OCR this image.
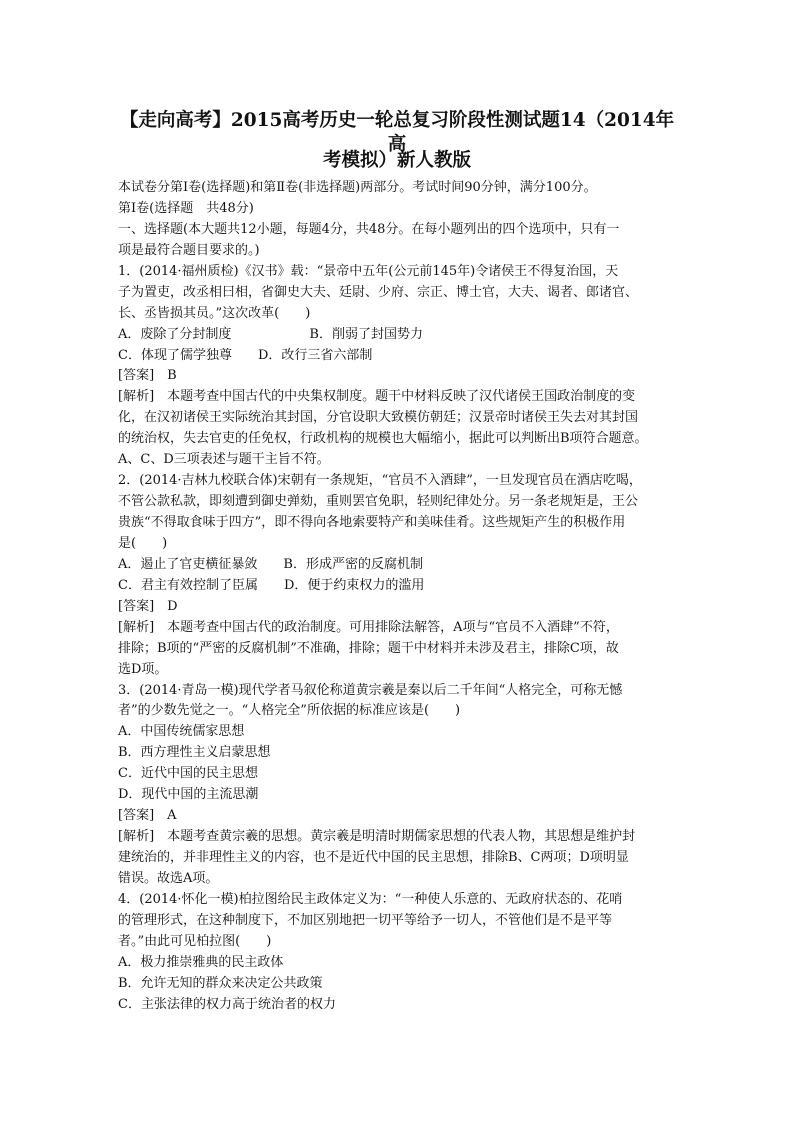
【走向高考】2015高考历史一轮总复习阶段性测试题14（2014年高
考模拟）新人教版
本试卷分第Ⅰ卷(选择题)和第Ⅱ卷(非选择题)两部分。考试时间90分钟，满分100分。
第Ⅰ卷(选择题　共48分)
一、选择题(本大题共12小题，每题4分，共48分。在每小题列出的四个选项中，只有一
项是最符合题目要求的。)
1．(2014·福州质检)《汉书》载：“景帝中五年(公元前145年)令诸侯王不得复治国，天
子为置吏，改丞相曰相，省御史大夫、廷尉、少府、宗正、博士官，大夫、谒者、郎诸官、
长、丞皆损其员。”这次改革(　　)
A．废除了分封制度　　　　　　B．削弱了封国势力
C．体现了儒学独尊　　D．改行三省六部制
[答案]　B
[解析]　本题考查中国古代的中央集权制度。题干中材料反映了汉代诸侯王国政治制度的变
化，在汉初诸侯王实际统治其封国，分官设职大致模仿朝廷；汉景帝时诸侯王失去对其封国
的统治权，失去官吏的任免权，行政机构的规模也大幅缩小，据此可以判断出B项符合题意。
A、C、D三项表述与题干主旨不符。
2．(2014·吉林九校联合体)宋朝有一条规矩，“官员不入酒肆”，一旦发现官员在酒店吃喝，
不管公款私款，即刻遭到御史弹劾，重则罢官免职，轻则纪律处分。另一条老规矩是，王公
贵族“不得取食味于四方”，即不得向各地索要特产和美味佳肴。这些规矩产生的积极作用
是(　　)
A．遏止了官吏横征暴敛　　B．形成严密的反腐机制
C．君主有效控制了臣属　　D．便于约束权力的滥用
[答案]　D
[解析]　本题考查中国古代的政治制度。可用排除法解答，A项与“官员不入酒肆”不符，
排除；B项的“严密的反腐机制”不准确，排除；题干中材料并未涉及君主，排除C项，故
选D项。
3．(2014·青岛一模)现代学者马叙伦称道黄宗羲是秦以后二千年间“人格完全，可称无憾
者”的少数先觉之一。“人格完全”所依据的标准应该是(　　)
A．中国传统儒家思想
B．西方理性主义启蒙思想
C．近代中国的民主思想
D．现代中国的主流思潮
[答案]　A
[解析]　本题考查黄宗羲的思想。黄宗羲是明清时期儒家思想的代表人物，其思想是维护封
建统治的，并非理性主义的内容，也不是近代中国的民主思想，排除B、C两项；D项明显
错误。故选A项。
4．(2014·怀化一模)柏拉图给民主政体定义为：“一种使人乐意的、无政府状态的、花哨
的管理形式，在这种制度下，不加区别地把一切平等给予一切人，不管他们是不是平等
者。”由此可见柏拉图(　　)
A．极力推崇雅典的民主政体
B．允许无知的群众来决定公共政策
C．主张法律的权力高于统治者的权力
